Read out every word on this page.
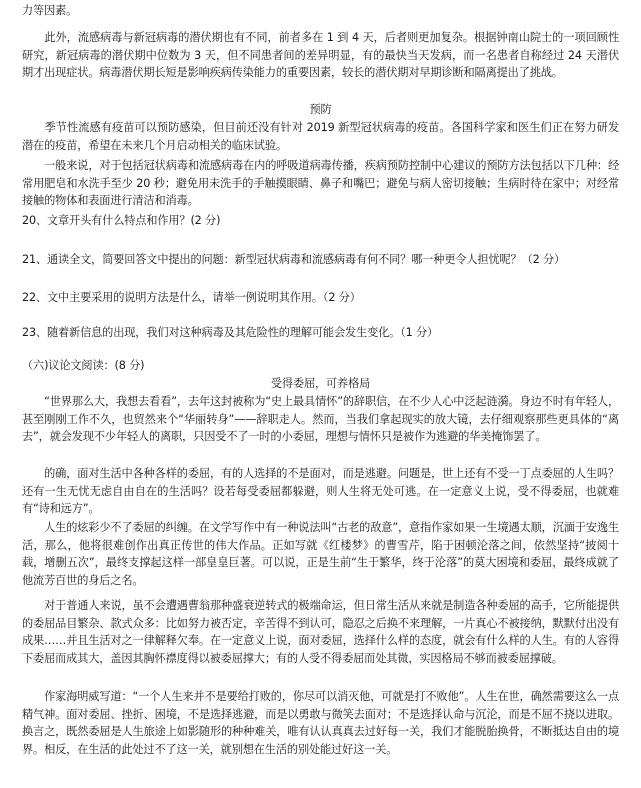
力等因素。

　　此外，流感病毒与新冠病毒的潜伏期也有不同，前者多在 1 到 4 天，后者则更加复杂。根据钟南山院士的一项回顾性研究，新冠病毒的潜伏期中位数为 3 天，但不同患者间的差异明显，有的最快当天发病，而一名患者自称经过 24 天潜伏期才出现症状。病毒潜伏期长短是影响疾病传染能力的重要因素，较长的潜伏期对早期诊断和隔离提出了挑战。

预防

　　季节性流感有疫苗可以预防感染，但目前还没有针对 2019 新型冠状病毒的疫苗。各国科学家和医生们正在努力研发潜在的疫苗，希望在未来几个月启动相关的临床试验。

　　一般来说，对于包括冠状病毒和流感病毒在内的呼吸道病毒传播，疾病预防控制中心建议的预防方法包括以下几种：经常用肥皂和水洗手至少 20 秒；避免用未洗手的手触摸眼睛、鼻子和嘴巴；避免与病人密切接触；生病时待在家中；对经常接触的物体和表面进行清洁和消毒。

20、文章开头有什么特点和作用？(2 分)

21、通读全文，简要回答文中提出的问题：新型冠状病毒和流感病毒有何不同？哪一种更令人担忧呢？（2 分）

22、文中主要采用的说明方法是什么，请举一例说明其作用。（2 分）

23、随着新信息的出现，我们对这种病毒及其危险性的理解可能会发生变化。（1 分）

（六)议论文阅读：(8 分)

受得委屈，可养格局

　　“世界那么大，我想去看看”，去年这封被称为“史上最具情怀”的辞职信，在不少人心中泛起涟漪。身边不时有年轻人，甚至刚刚工作不久，也贸然来个“华丽转身”——辞职走人。然而，当我们拿起现实的放大镜，去仔细观察那些更具体的“离去”，就会发现不少年轻人的离职，只因受不了一时的小委屈，理想与情怀只是被作为逃避的华美掩饰罢了。

　　的确，面对生活中各种各样的委屈，有的人选择的不是面对，而是逃避。问题是，世上还有不受一丁点委屈的人生吗？还有一生无忧无虑自由自在的生活吗？设若每受委屈都躲避，则人生将无处可逃。在一定意义上说，受不得委屈，也就难有“诗和远方”。

　　人生的炫彩少不了委屈的纠缠。在文学写作中有一种说法叫“古老的敌意”，意指作家如果一生境遇太顺，沉湎于安逸生活，那么，他将很难创作出真正传世的伟大作品。正如写就《红楼梦》的曹雪芹，陷于困顿沦落之间，依然坚持“披阅十载，增删五次”，最终支撑起这样一部皇皇巨著。可以说，正是生前“生于繁华，终于沦落”的莫大困境和委屈，最终成就了他流芳百世的身后之名。

　　对于普通人来说，虽不会遭遇曹翁那种盛衰逆转式的极端命运，但日常生活从来就是制造各种委屈的高手，它所能提供的委屈品目繁杂、款式众多：比如努力被否定，辛苦得不到认可，隐忍之后换不来理解，一片真心不被接纳，默默付出没有成果……并且生活对之一律解释欠奉。在一定意义上说，面对委屈，选择什么样的态度，就会有什么样的人生。有的人容得下委屈而成其大，盖因其胸怀襟度得以被委屈撑大；有的人受不得委屈而处其微，实因格局不够而被委屈撑破。

　　作家海明威写道：“一个人生来并不是要给打败的，你尽可以消灭他，可就是打不败他”。人生在世，确然需要这么一点精气神。面对委屈、挫折、困境，不是选择逃避，而是以勇敢与微笑去面对；不是选择认命与沉沦，而是不屈不挠以进取。换言之，既然委屈是人生旅途上如影随形的种种难关，唯有认认真真去过好每一关，我们才能脱胎换骨，不断抵达自由的境界。相反，在生活的此处过不了这一关，就别想在生活的别处能过好这一关。
